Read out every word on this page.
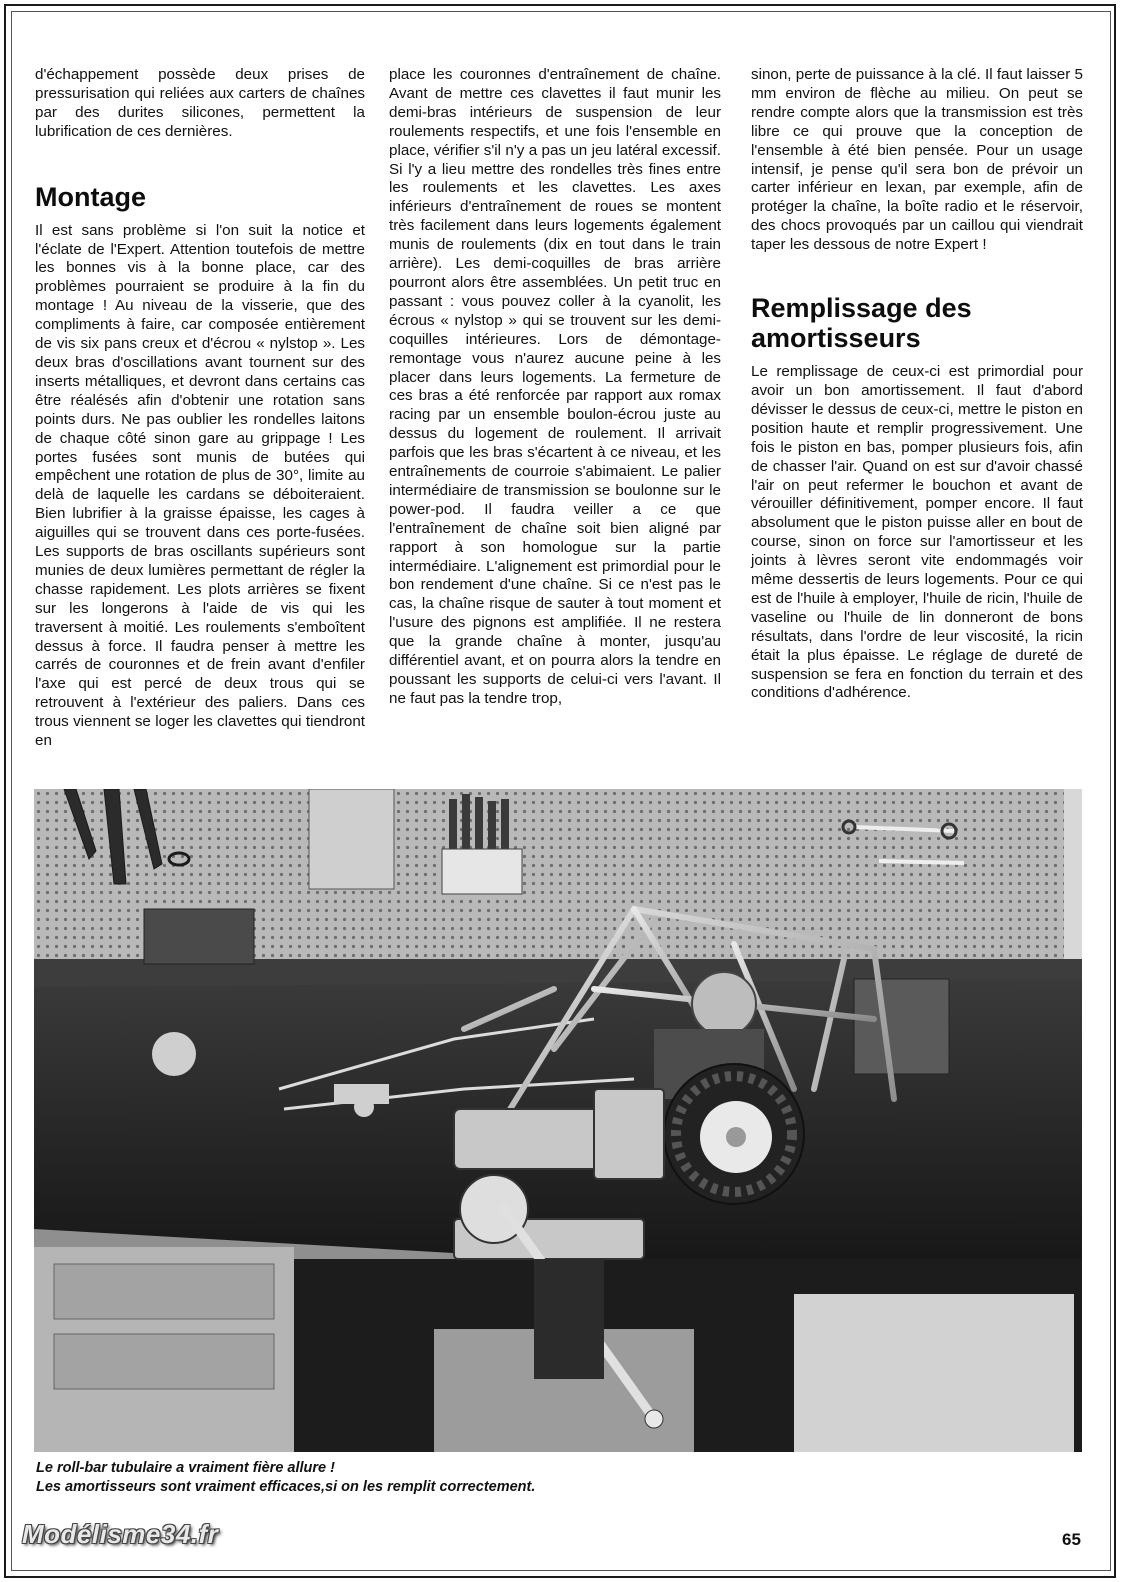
d'échappement possède deux prises de pressurisation qui reliées aux carters de chaînes par des durites silicones, permettent la lubrification de ces dernières.

Montage

Il est sans problème si l'on suit la notice et l'éclate de l'Expert. Attention toutefois de mettre les bonnes vis à la bonne place, car des problèmes pourraient se produire à la fin du montage ! Au niveau de la visserie, que des compliments à faire, car composée entièrement de vis six pans creux et d'écrou « nylstop ». Les deux bras d'oscillations avant tournent sur des inserts métalliques, et devront dans certains cas être réalésés afin d'obtenir une rotation sans points durs. Ne pas oublier les rondelles laitons de chaque côté sinon gare au grippage ! Les portes fusées sont munis de butées qui empêchent une rotation de plus de 30°, limite au delà de laquelle les cardans se déboiteraient. Bien lubrifier à la graisse épaisse, les cages à aiguilles qui se trouvent dans ces porte-fusées. Les supports de bras oscillants supérieurs sont munies de deux lumières permettant de régler la chasse rapidement. Les plots arrières se fixent sur les longerons à l'aide de vis qui les traversent à moitié. Les roulements s'emboîtent dessus à force. Il faudra penser à mettre les carrés de couronnes et de frein avant d'enfiler l'axe qui est percé de deux trous qui se retrouvent à l'extérieur des paliers. Dans ces trous viennent se loger les clavettes qui tiendront en

place les couronnes d'entraînement de chaîne. Avant de mettre ces clavettes il faut munir les demi-bras intérieurs de suspension de leur roulements respectifs, et une fois l'ensemble en place, vérifier s'il n'y a pas un jeu latéral excessif. Si l'y a lieu mettre des rondelles très fines entre les roulements et les clavettes. Les axes inférieurs d'entraînement de roues se montent très facilement dans leurs logements également munis de roulements (dix en tout dans le train arrière). Les demi-coquilles de bras arrière pourront alors être assemblées. Un petit truc en passant : vous pouvez coller à la cyanolit, les écrous « nylstop » qui se trouvent sur les demi-coquilles intérieures. Lors de démontage-remontage vous n'aurez aucune peine à les placer dans leurs logements. La fermeture de ces bras a été renforcée par rapport aux romax racing par un ensemble boulon-écrou juste au dessus du logement de roulement. Il arrivait parfois que les bras s'écartent à ce niveau, et les entraînements de courroie s'abimaient. Le palier intermédiaire de transmission se boulonne sur le power-pod. Il faudra veiller a ce que l'entraînement de chaîne soit bien aligné par rapport à son homologue sur la partie intermédiaire. L'alignement est primordial pour le bon rendement d'une chaîne. Si ce n'est pas le cas, la chaîne risque de sauter à tout moment et l'usure des pignons est amplifiée. Il ne restera que la grande chaîne à monter, jusqu'au différentiel avant, et on pourra alors la tendre en poussant les supports de celui-ci vers l'avant. Il ne faut pas la tendre trop,

sinon, perte de puissance à la clé. Il faut laisser 5 mm environ de flèche au milieu. On peut se rendre compte alors que la transmission est très libre ce qui prouve que la conception de l'ensemble à été bien pensée. Pour un usage intensif, je pense qu'il sera bon de prévoir un carter inférieur en lexan, par exemple, afin de protéger la chaîne, la boîte radio et le réservoir, des chocs provoqués par un caillou qui viendrait taper les dessous de notre Expert !

Remplissage des amortisseurs

Le remplissage de ceux-ci est primordial pour avoir un bon amortissement. Il faut d'abord dévisser le dessus de ceux-ci, mettre le piston en position haute et remplir progressivement. Une fois le piston en bas, pomper plusieurs fois, afin de chasser l'air. Quand on est sur d'avoir chassé l'air on peut refermer le bouchon et avant de vérouiller définitivement, pomper encore. Il faut absolument que le piston puisse aller en bout de course, sinon on force sur l'amortisseur et les joints à lèvres seront vite endommagés voir même dessertis de leurs logements. Pour ce qui est de l'huile à employer, l'huile de ricin, l'huile de vaseline ou l'huile de lin donneront de bons résultats, dans l'ordre de leur viscosité, la ricin était la plus épaisse. Le réglage de dureté de suspension se fera en fonction du terrain et des conditions d'adhérence.

Le roll-bar tubulaire a vraiment fière allure !
Les amortisseurs sont vraiment efficaces,si on les remplit correctement.
Modélisme34.fr	65
